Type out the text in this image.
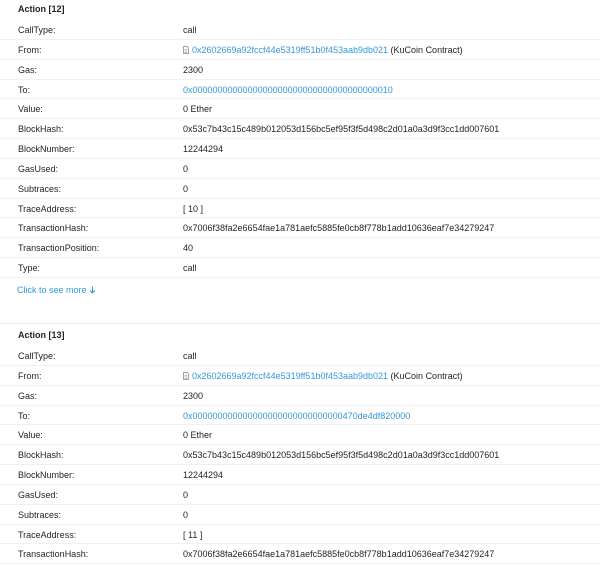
Action [12]
CallType:	call
From:	0x2602669a92fccf44e5319ff51b0f453aab9db021 (KuCoin Contract)
Gas:	2300
To:	0x0000000000000000000000000000000000000010
Value:	0 Ether
BlockHash:	0x53c7b43c15c489b012053d156bc5ef95f3f5d498c2d01a0a3d9f3cc1dd007601
BlockNumber:	12244294
GasUsed:	0
Subtraces:	0
TraceAddress:	[ 10 ]
TransactionHash:	0x7006f38fa2e6654fae1a781aefc5885fe0cb8f778b1add10636eaf7e34279247
TransactionPosition:	40
Type:	call
Click to see more
Action [13]
CallType:	call
From:	0x2602669a92fccf44e5319ff51b0f453aab9db021 (KuCoin Contract)
Gas:	2300
To:	0x000000000000000000000000000000470de4df820000
Value:	0 Ether
BlockHash:	0x53c7b43c15c489b012053d156bc5ef95f3f5d498c2d01a0a3d9f3cc1dd007601
BlockNumber:	12244294
GasUsed:	0
Subtraces:	0
TraceAddress:	[ 11 ]
TransactionHash:	0x7006f38fa2e6654fae1a781aefc5885fe0cb8f778b1add10636eaf7e34279247
